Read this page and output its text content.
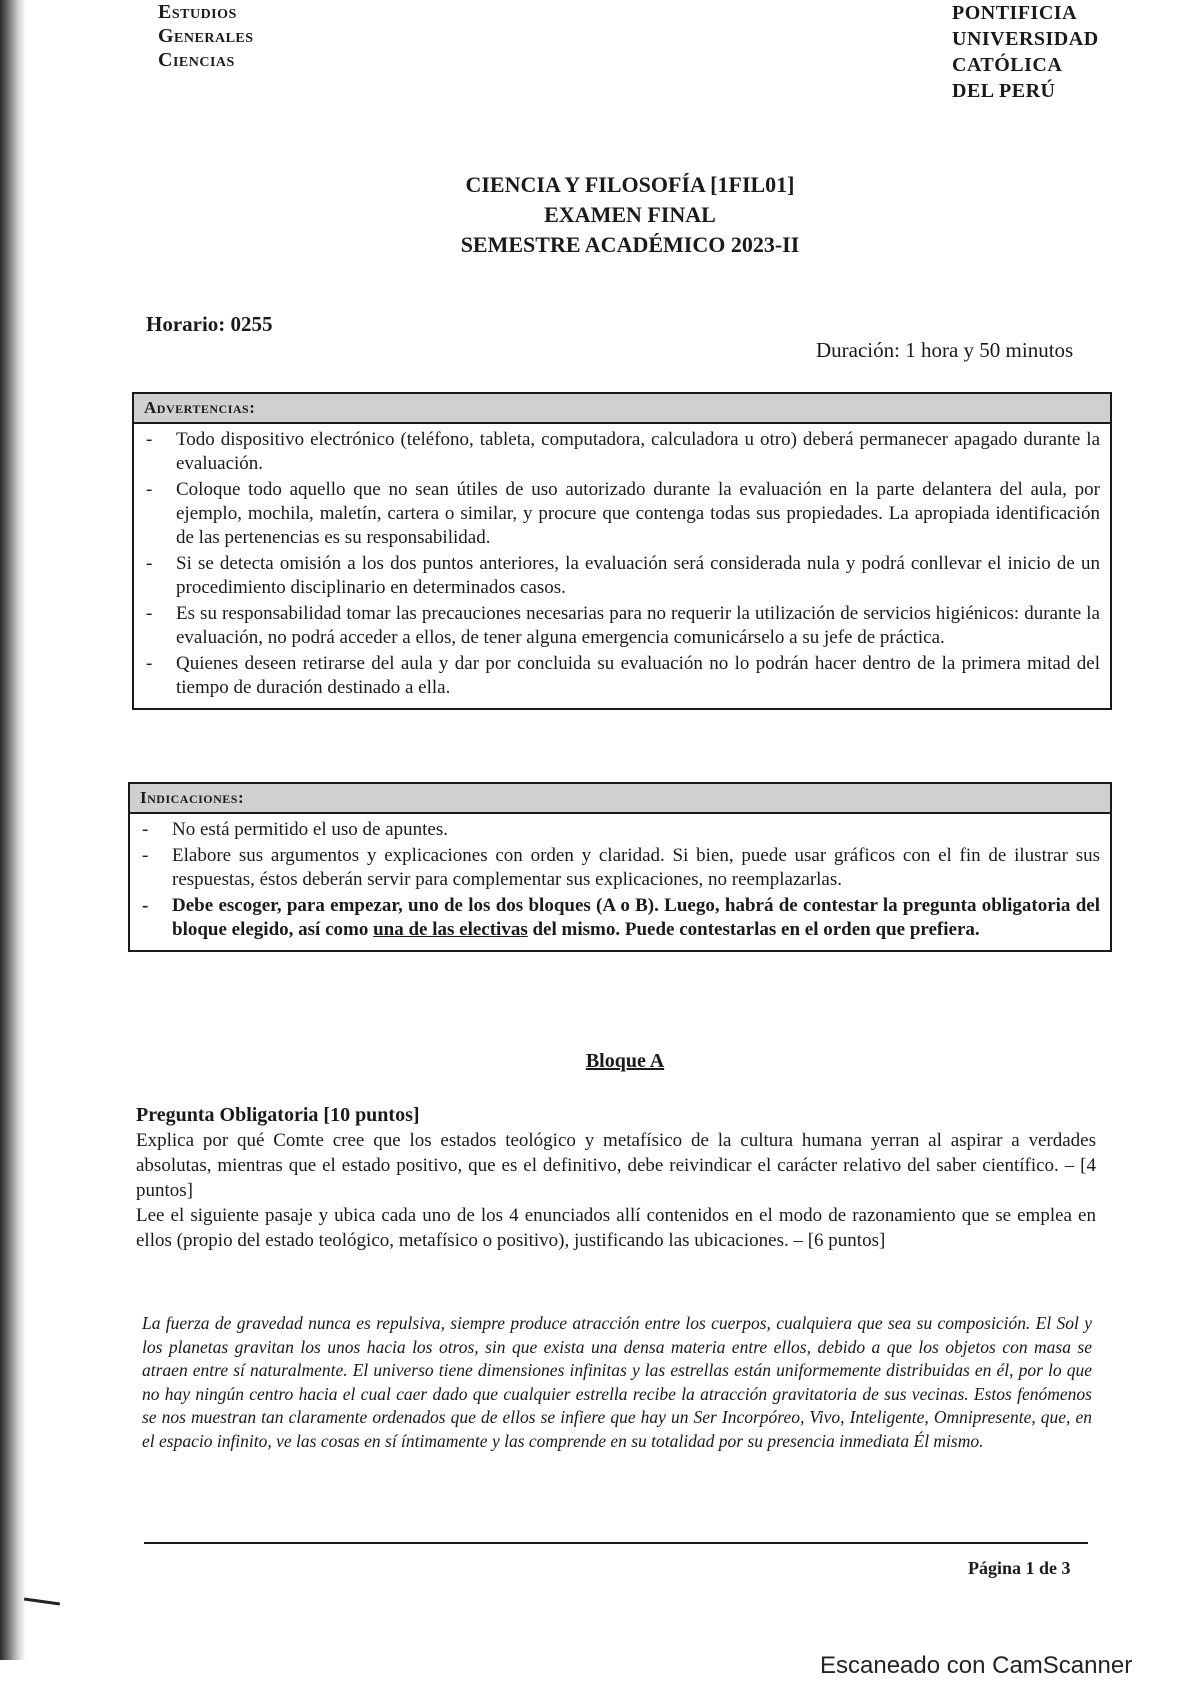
Estudios
Generales
Ciencias
PONTIFICIA
UNIVERSIDAD
CATÓLICA
DEL PERÚ
CIENCIA Y FILOSOFÍA [1FIL01]
EXAMEN FINAL
SEMESTRE ACADÉMICO 2023-II
Horario: 0255
Duración: 1 hora y 50 minutos
Advertencias:
- Todo dispositivo electrónico (teléfono, tableta, computadora, calculadora u otro) deberá permanecer apagado durante la evaluación.
- Coloque todo aquello que no sean útiles de uso autorizado durante la evaluación en la parte delantera del aula, por ejemplo, mochila, maletín, cartera o similar, y procure que contenga todas sus propiedades. La apropiada identificación de las pertenencias es su responsabilidad.
- Si se detecta omisión a los dos puntos anteriores, la evaluación será considerada nula y podrá conllevar el inicio de un procedimiento disciplinario en determinados casos.
- Es su responsabilidad tomar las precauciones necesarias para no requerir la utilización de servicios higiénicos: durante la evaluación, no podrá acceder a ellos, de tener alguna emergencia comunicárselo a su jefe de práctica.
- Quienes deseen retirarse del aula y dar por concluida su evaluación no lo podrán hacer dentro de la primera mitad del tiempo de duración destinado a ella.
Indicaciones:
- No está permitido el uso de apuntes.
- Elabore sus argumentos y explicaciones con orden y claridad. Si bien, puede usar gráficos con el fin de ilustrar sus respuestas, éstos deberán servir para complementar sus explicaciones, no reemplazarlas.
- Debe escoger, para empezar, uno de los dos bloques (A o B). Luego, habrá de contestar la pregunta obligatoria del bloque elegido, así como una de las electivas del mismo. Puede contestarlas en el orden que prefiera.
Bloque A
Pregunta Obligatoria [10 puntos]

Explica por qué Comte cree que los estados teológico y metafísico de la cultura humana yerran al aspirar a verdades absolutas, mientras que el estado positivo, que es el definitivo, debe reivindicar el carácter relativo del saber científico. – [4 puntos]

Lee el siguiente pasaje y ubica cada uno de los 4 enunciados allí contenidos en el modo de razonamiento que se emplea en ellos (propio del estado teológico, metafísico o positivo), justificando las ubicaciones. – [6 puntos]

La fuerza de gravedad nunca es repulsiva, siempre produce atracción entre los cuerpos, cualquiera que sea su composición. El Sol y los planetas gravitan los unos hacia los otros, sin que exista una densa materia entre ellos, debido a que los objetos con masa se atraen entre sí naturalmente. El universo tiene dimensiones infinitas y las estrellas están uniformemente distribuidas en él, por lo que no hay ningún centro hacia el cual caer dado que cualquier estrella recibe la atracción gravitatoria de sus vecinas. Estos fenómenos se nos muestran tan claramente ordenados que de ellos se infiere que hay un Ser Incorpóreo, Vivo, Inteligente, Omnipresente, que, en el espacio infinito, ve las cosas en sí íntimamente y las comprende en su totalidad por su presencia inmediata Él mismo.
Página 1 de 3
Escaneado con CamScanner
